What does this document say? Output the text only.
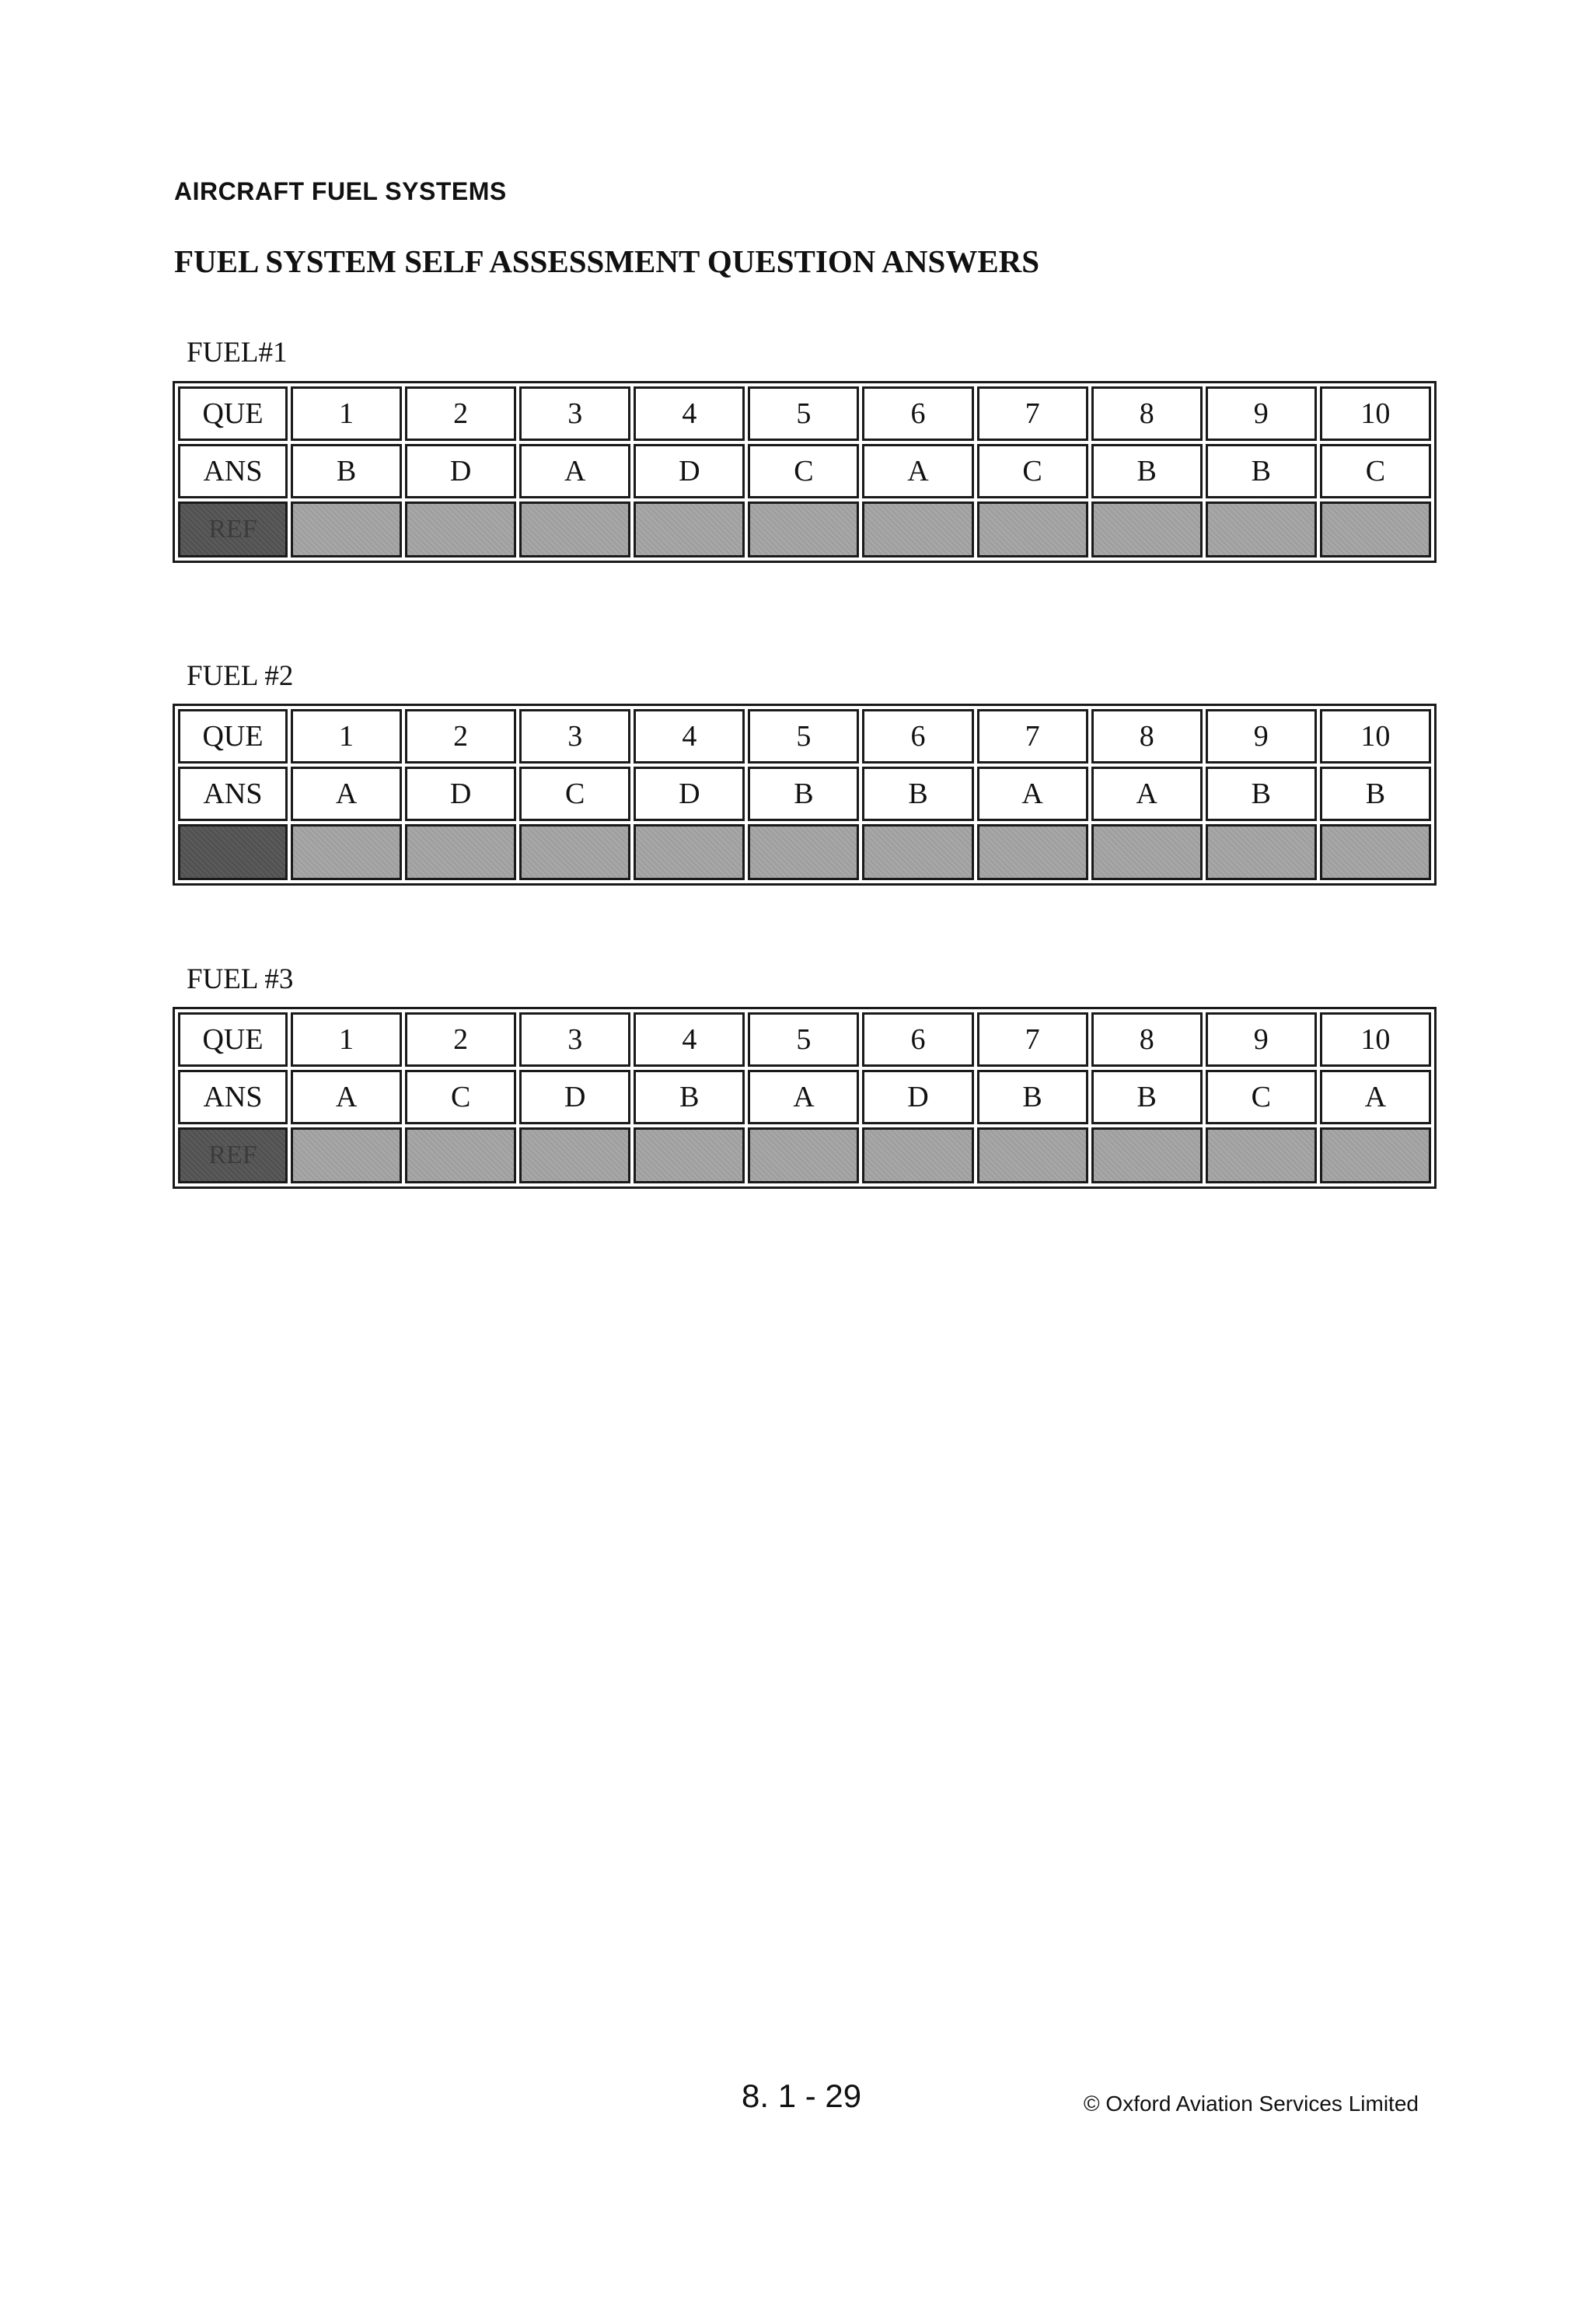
AIRCRAFT FUEL SYSTEMS
FUEL SYSTEM SELF ASSESSMENT QUESTION ANSWERS

FUEL#1

QUE	1	2	3	4	5	6	7	8	9	10
ANS	B	D	A	D	C	A	C	B	B	C
REF										

FUEL #2

QUE	1	2	3	4	5	6	7	8	9	10
ANS	A	D	C	D	B	B	A	A	B	B

FUEL #3

QUE	1	2	3	4	5	6	7	8	9	10
ANS	A	C	D	B	A	D	B	B	C	A
REF										

8. 1 - 29	© Oxford Aviation Services Limited
